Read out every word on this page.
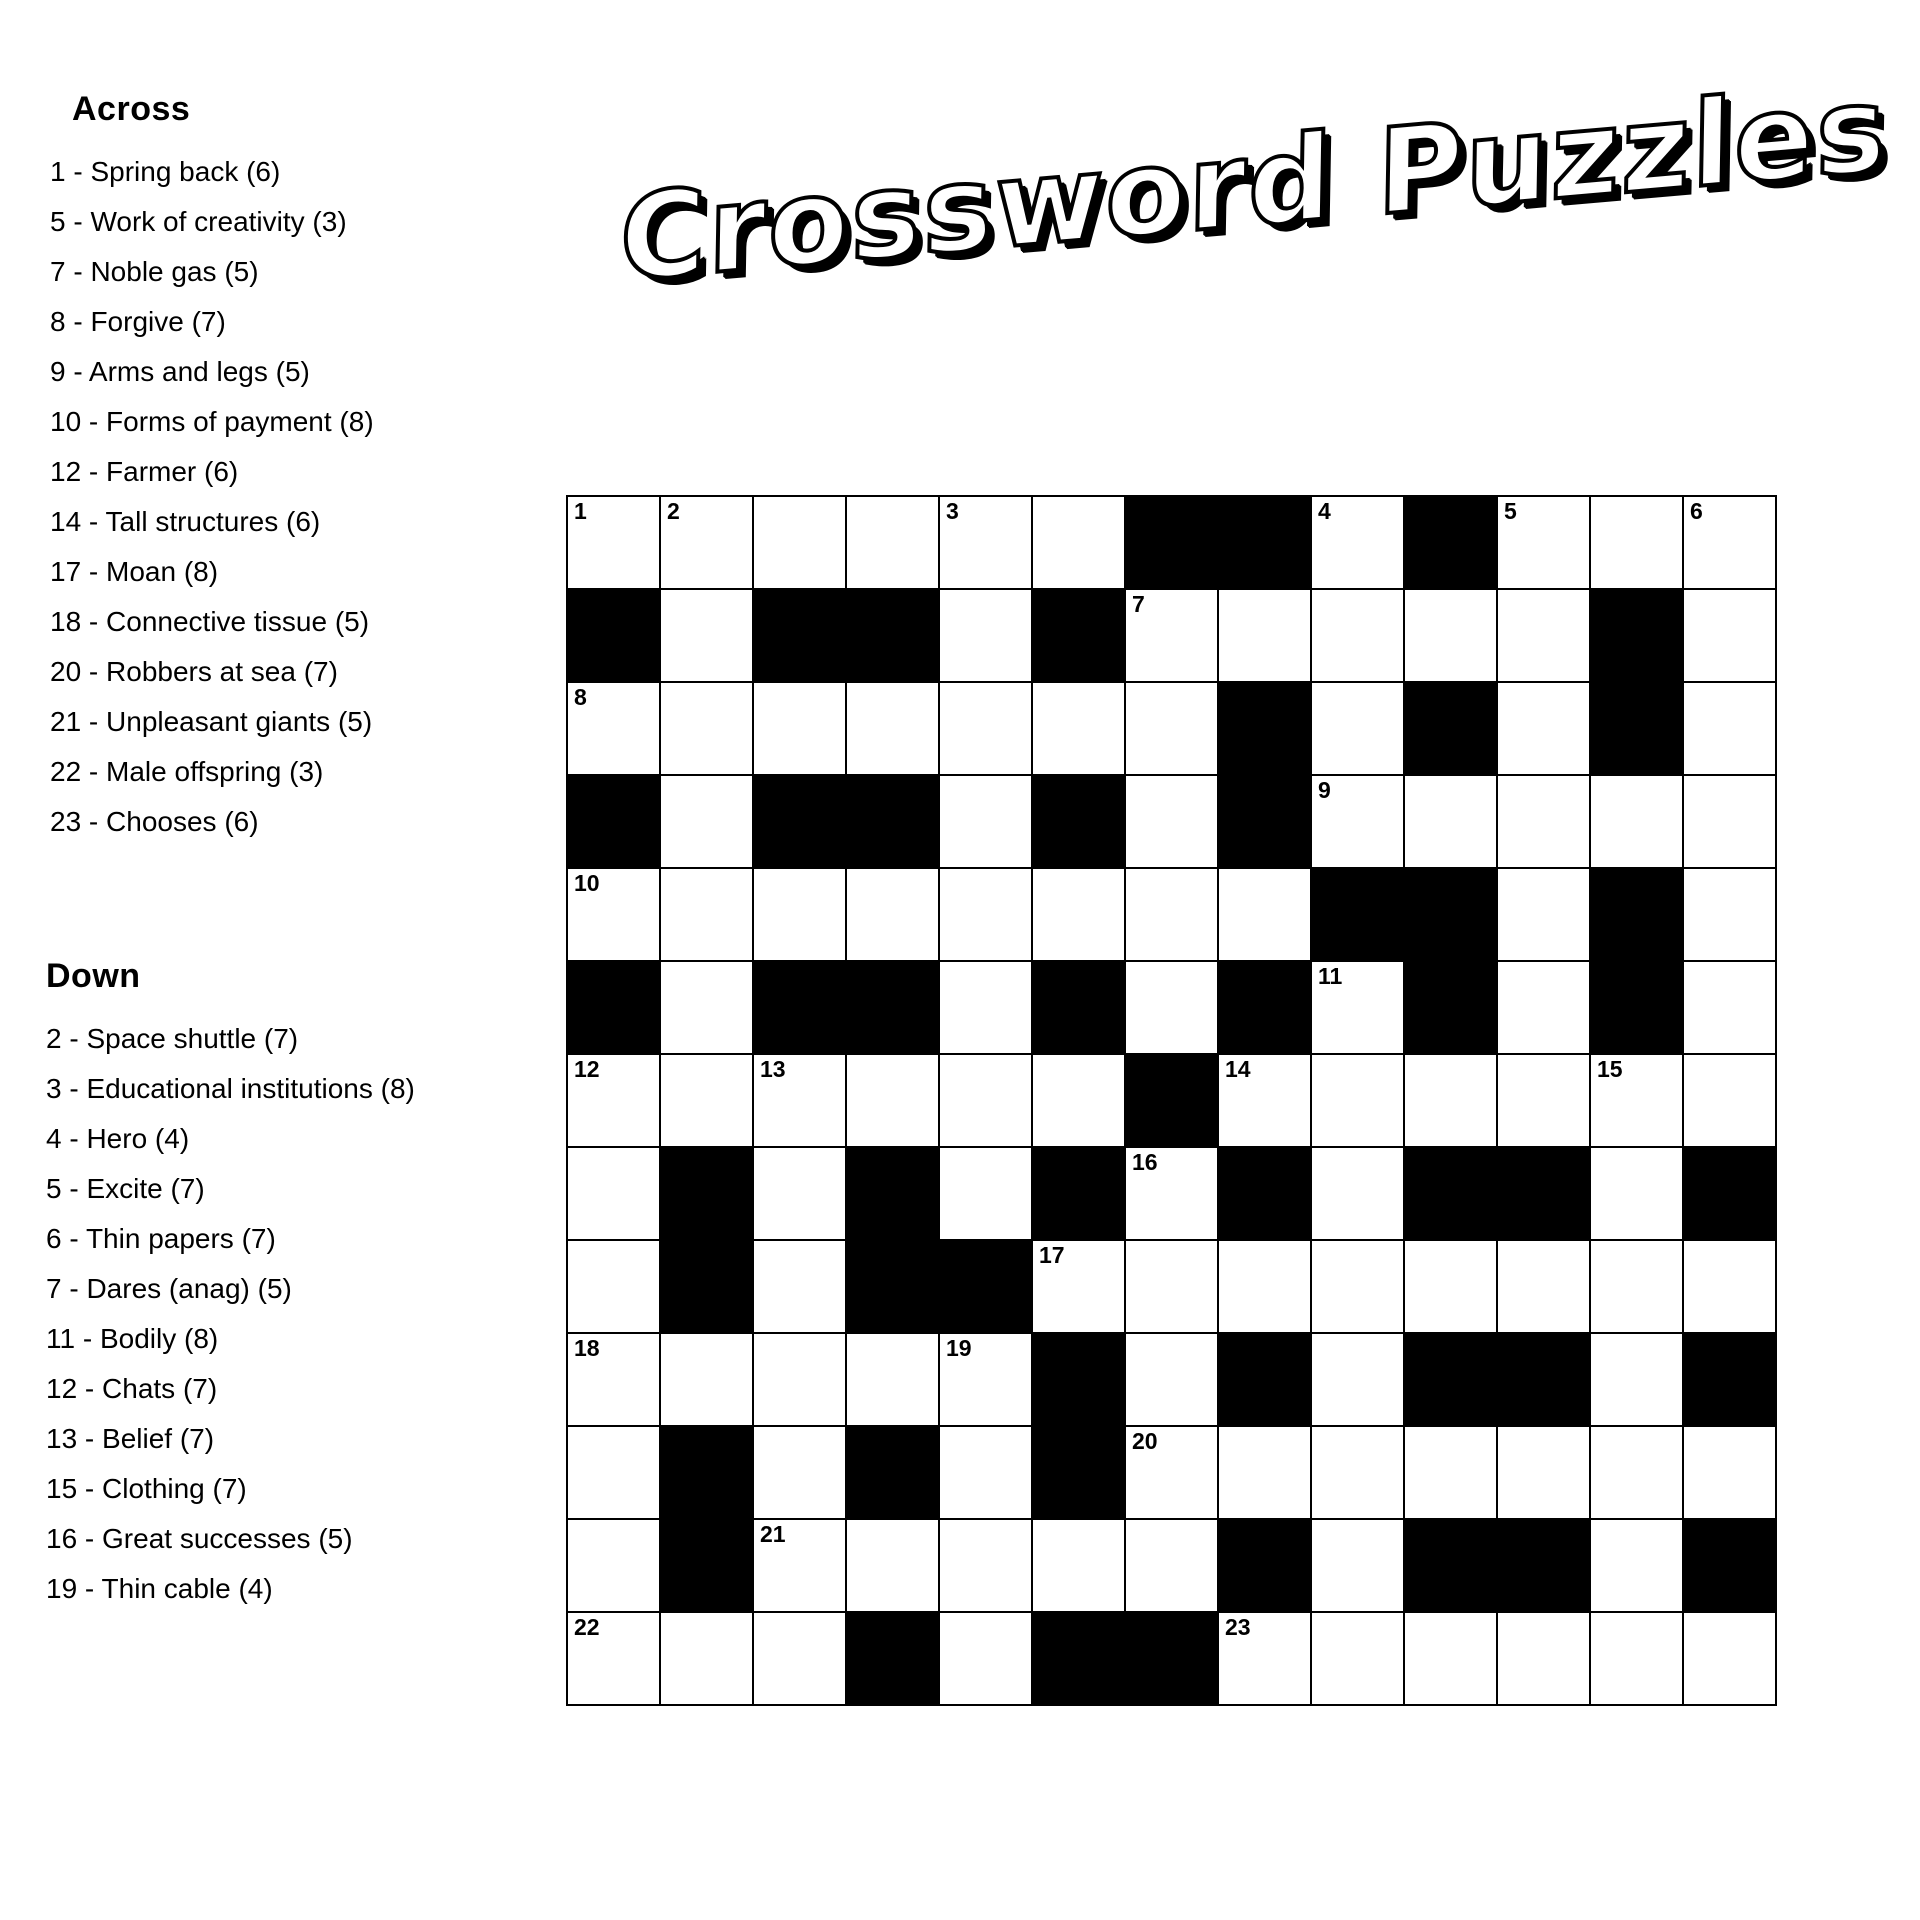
Across
1 - Spring back (6)
5 - Work of creativity (3)
7 - Noble gas (5)
8 - Forgive (7)
9 - Arms and legs (5)
10 - Forms of payment (8)
12 - Farmer (6)
14 - Tall structures (6)
17 - Moan (8)
18 - Connective tissue (5)
20 - Robbers at sea (7)
21 - Unpleasant giants (5)
22 - Male offspring (3)
23 - Chooses (6)
Down
2 - Space shuttle (7)
3 - Educational institutions (8)
4 - Hero (4)
5 - Excite (7)
6 - Thin papers (7)
7 - Dares (anag) (5)
11 - Bodily (8)
12 - Chats (7)
13 - Belief (7)
15 - Clothing (7)
16 - Great successes (5)
19 - Thin cable (4)
Crossword Puzzles
1	2			3				4		5		6

						7						

8												

								9				

10												

								11				

12		13					14				15	

						16						

					17							

18				19								

						20						

		21										

22							23					
